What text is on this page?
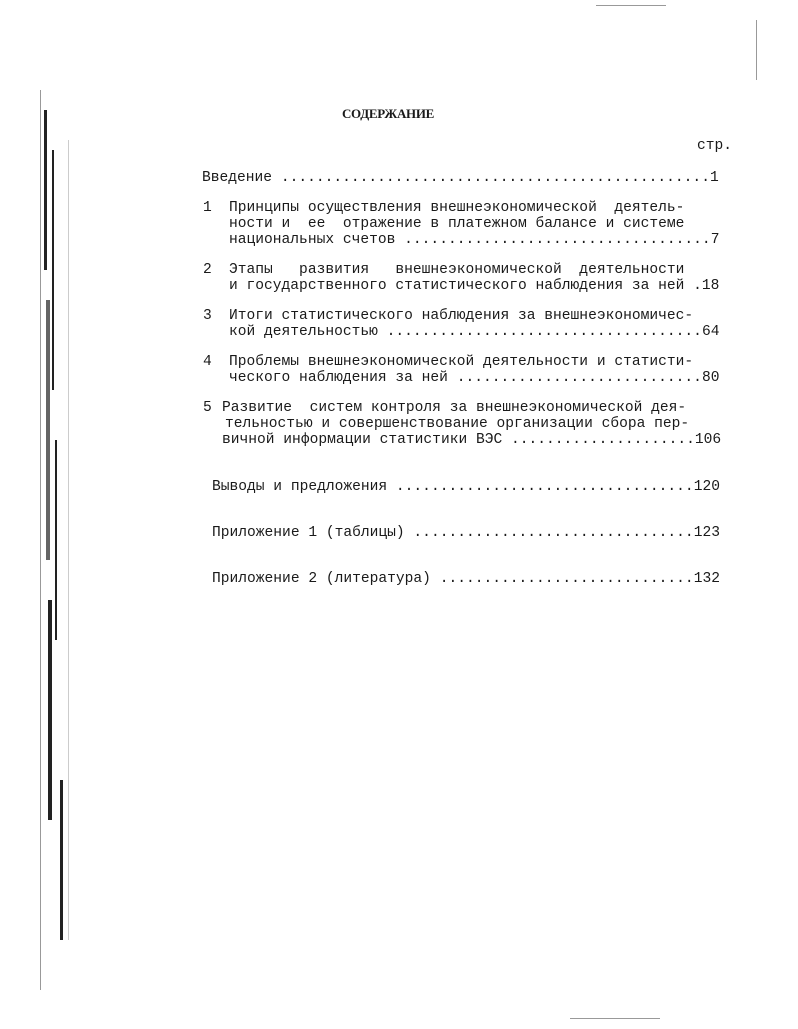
СОДЕРЖАНИЕ
стр.
Введение .................................................1
1	Принципы осуществления внешнеэкономической  деятель-
ности и  ее  отражение в платежном балансе и системе
национальных счетов ...................................7
2	Этапы   развития   внешнеэкономической  деятельности
и государственного статистического наблюдения за ней .18
3	Итоги статистического наблюдения за внешнеэкономичес-
кой деятельностью ....................................64
4	Проблемы внешнеэкономической деятельности и статисти-
ческого наблюдения за ней ............................80
5 Развитие  систем контроля за внешнеэкономической дея-
тельностью и совершенствование организации сбора пер-
вичной информации статистики ВЭС .....................106
Выводы и предложения ..................................120
Приложение 1 (таблицы) ................................123
Приложение 2 (литература) .............................132
